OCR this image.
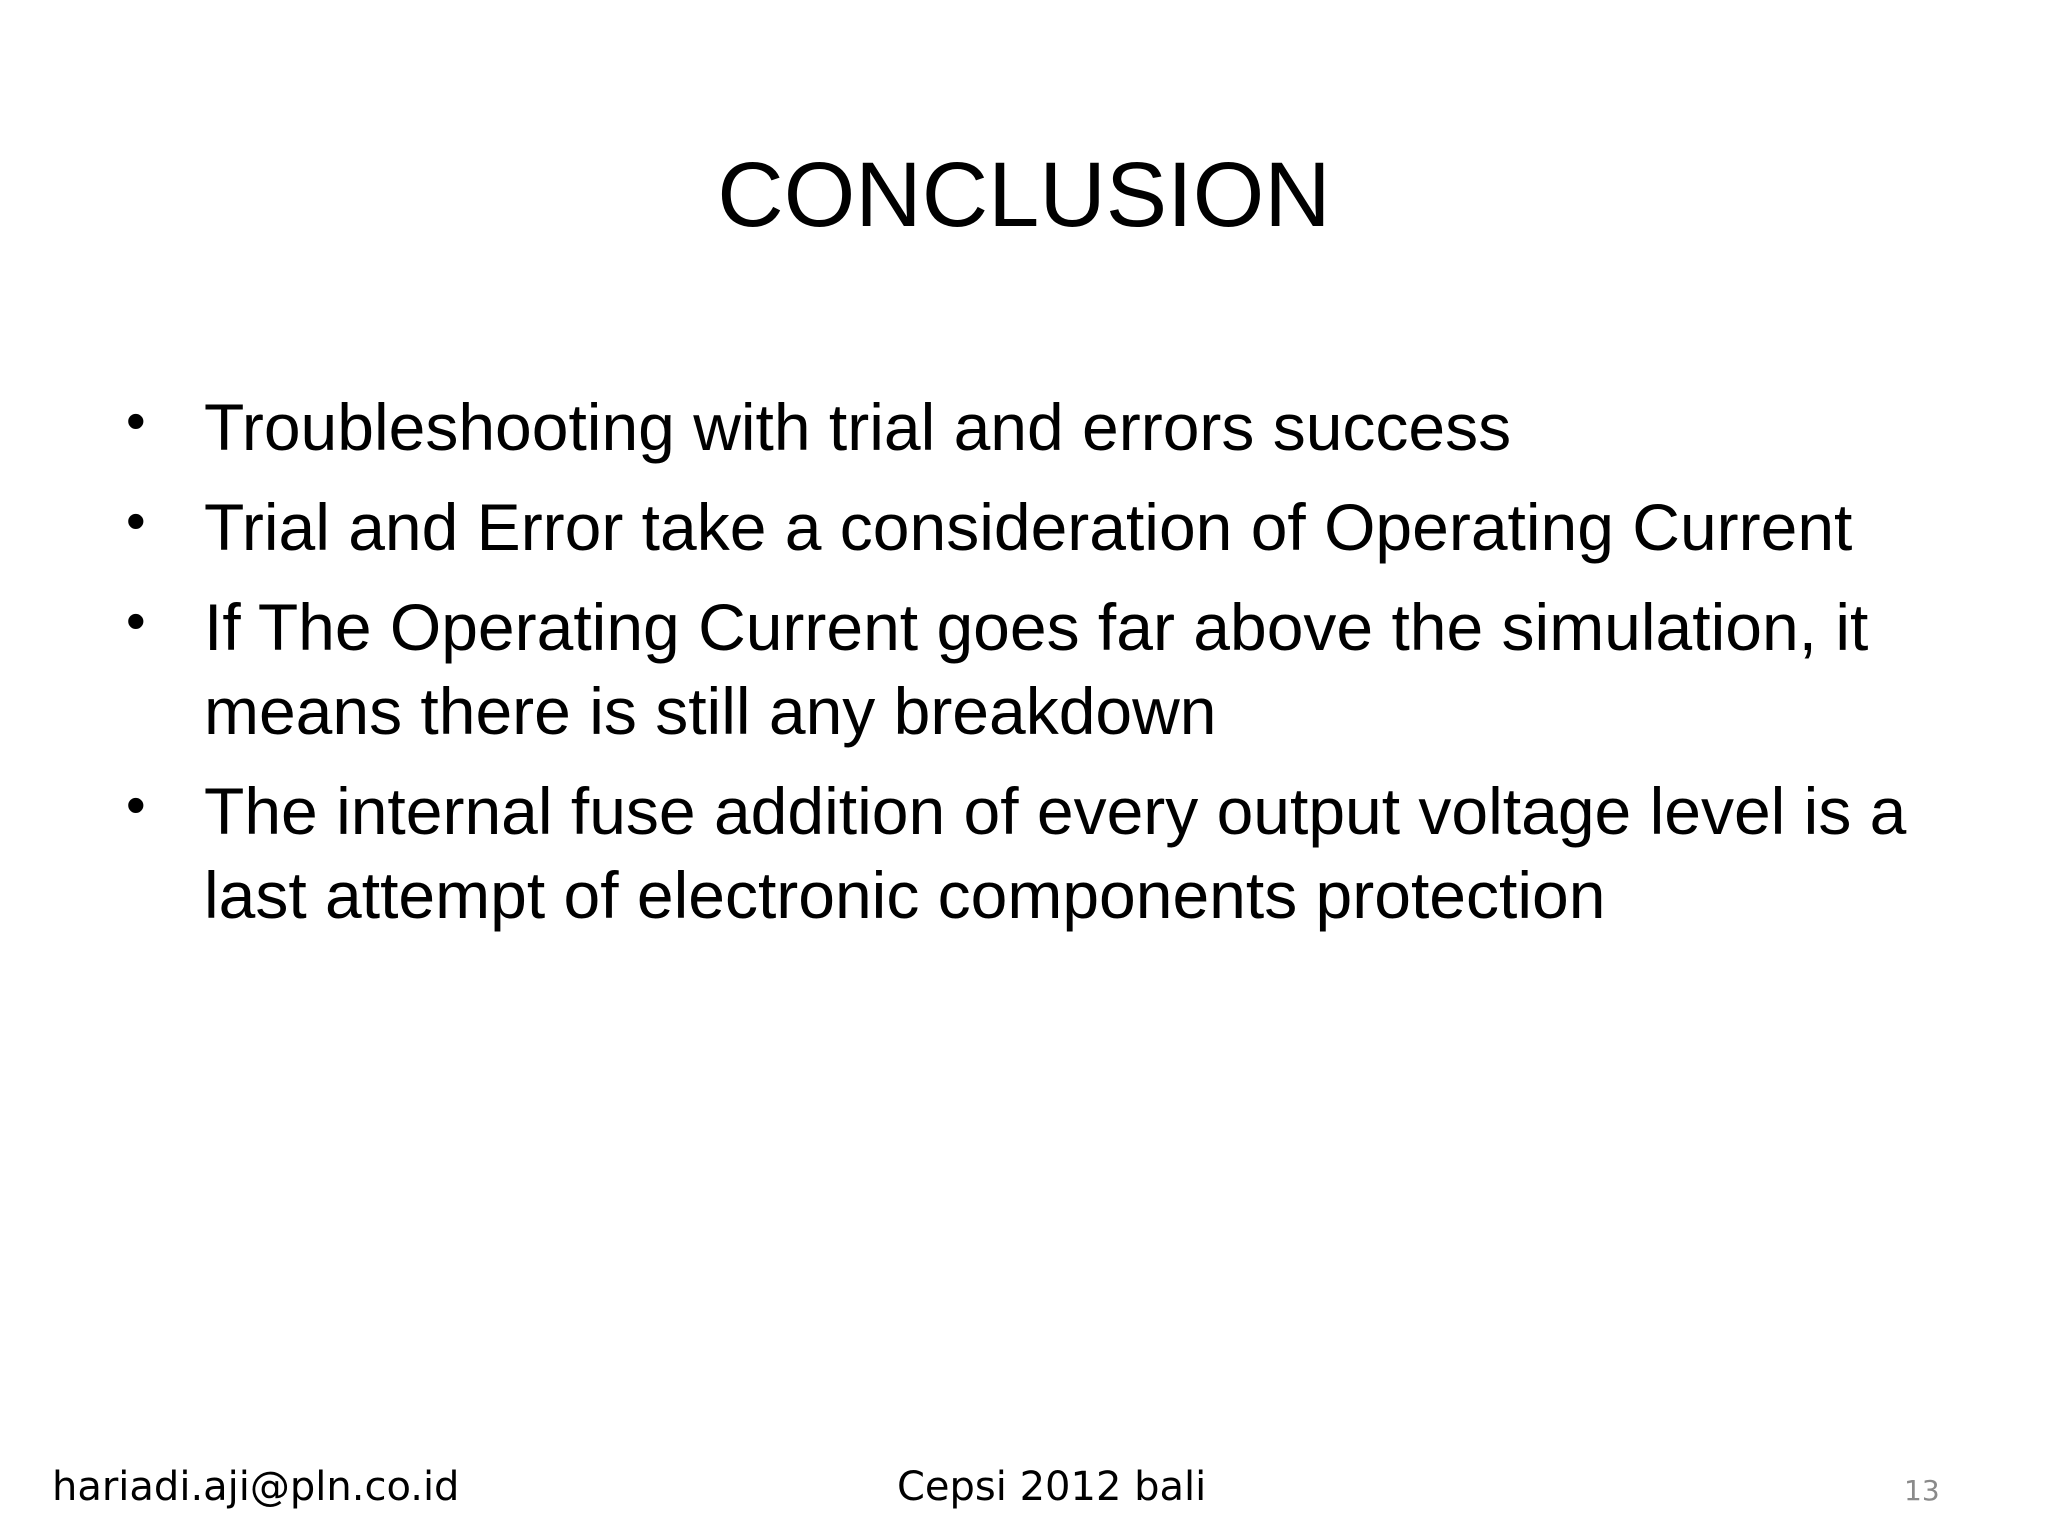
CONCLUSION
• Troubleshooting with trial and errors success
• Trial and Error take a consideration of Operating Current
• If The Operating Current goes far above the simulation, it means there is still any breakdown
• The internal fuse addition of every output voltage level is a last attempt of electronic components protection
hariadi.aji@pln.co.id	Cepsi 2012 bali	13
